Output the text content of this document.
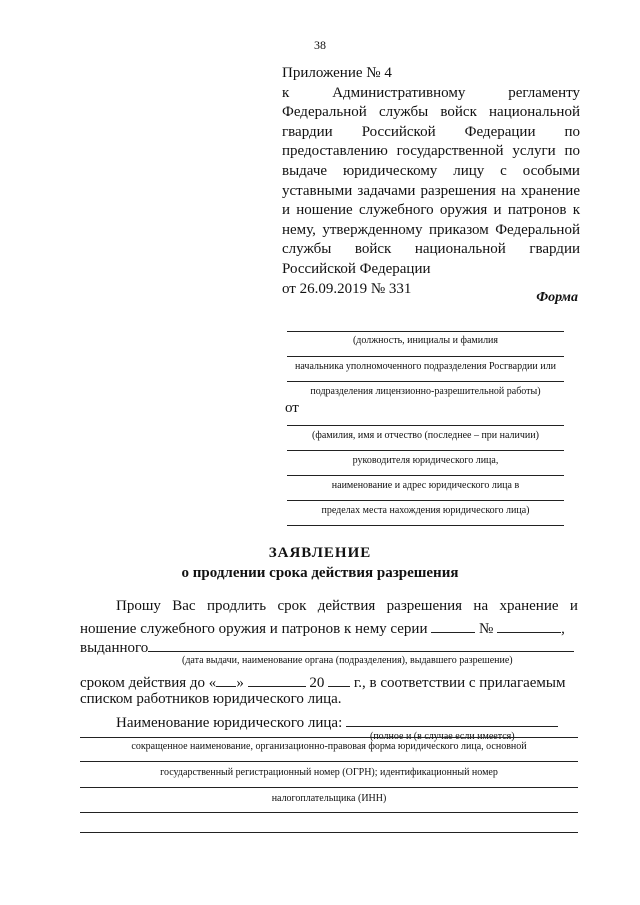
38
Приложение № 4
к	Административному	регламенту
Федеральной службы войск национальной
гвардии Российской Федерации по
предоставлению государственной услуги по
выдаче юридическому лицу с особыми
уставными задачами разрешения на хранение
и ношение служебного оружия и патронов к
нему, утвержденному приказом Федеральной
службы войск национальной гвардии
Российской Федерации
от 26.09.2019 № 331
Форма
(должность, инициалы и фамилия
начальника уполномоченного подразделения Росгвардии или
подразделения лицензионно-разрешительной работы)
от
(фамилия, имя и отчество (последнее – при наличии)
руководителя юридического лица,
наименование и адрес юридического лица в
пределах места нахождения юридического лица)
ЗАЯВЛЕНИЕ
о продлении срока действия разрешения
Прошу Вас продлить срок действия разрешения на хранение и
ношение служебного оружия и патронов к нему серии	№	,
выданного
(дата выдачи, наименование органа (подразделения), выдавшего разрешение)
сроком действия до « »	20 г., в соответствии с прилагаемым
списком работников юридического лица.
Наименование юридического лица:
(полное и (в случае если имеется)
сокращенное наименование, организационно-правовая форма юридического лица, основной
государственный регистрационный номер (ОГРН); идентификационный номер
налогоплательщика (ИНН)
